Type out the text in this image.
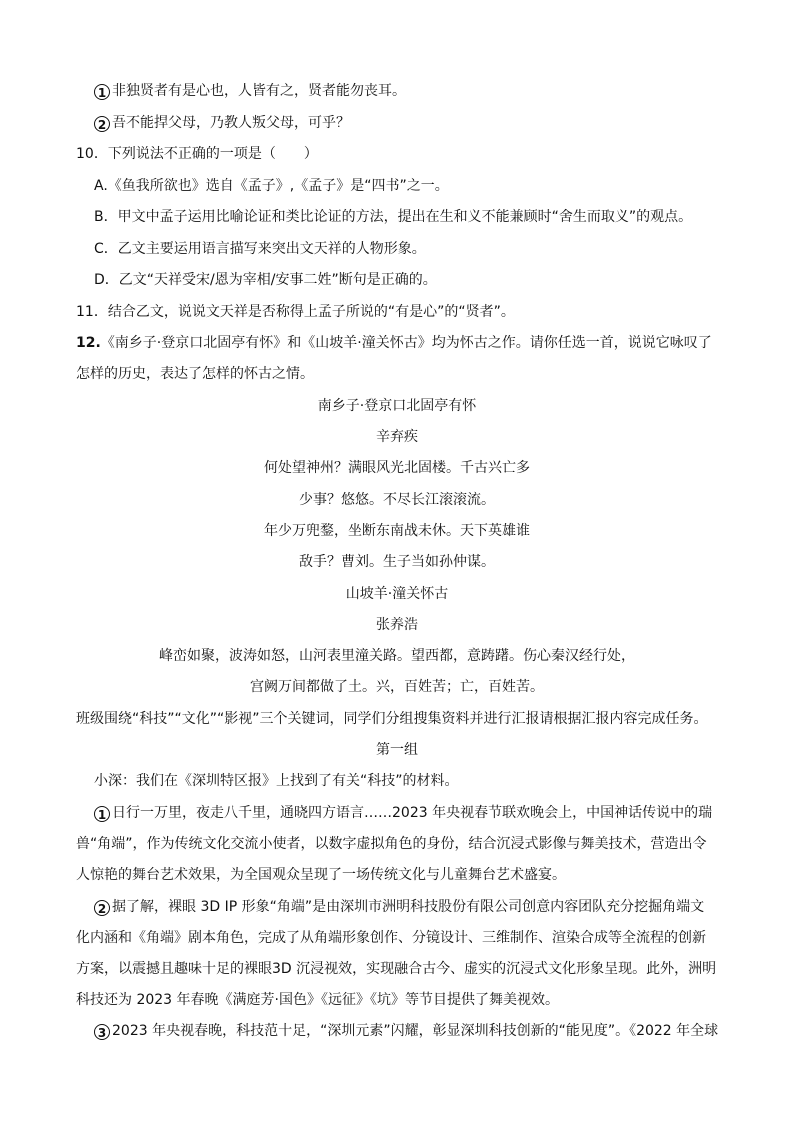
1 非独贤者有是心也，人皆有之，贤者能勿丧耳。
2 吾不能捍父母，乃教人叛父母，可乎？
10．下列说法不正确的一项是（　　）
A.《鱼我所欲也》选自《孟子》,《孟子》是“四书”之一。
B．甲文中孟子运用比喻论证和类比论证的方法，提出在生和义不能兼顾时“舍生而取义”的观点。
C．乙文主要运用语言描写来突出文天祥的人物形象。
D．乙文“天祥受宋/恩为宰相/安事二姓”断句是正确的。
11．结合乙文，说说文天祥是否称得上孟子所说的“有是心”的“贤者”。
12.《南乡子·登京口北固亭有怀》和《山坡羊·潼关怀古》均为怀古之作。请你任选一首，说说它咏叹了
怎样的历史，表达了怎样的怀古之情。
南乡子·登京口北固亭有怀
辛弃疾
何处望神州？满眼风光北固楼。千古兴亡多
少事？悠悠。不尽长江滚滚流。
年少万兜鍪，坐断东南战未休。天下英雄谁
敌手？曹刘。生子当如孙仲谋。
山坡羊·潼关怀古
张养浩
峰峦如聚，波涛如怒，山河表里潼关路。望西都，意踌躇。伤心秦汉经行处，
宫阙万间都做了土。兴，百姓苦；亡，百姓苦。
班级围绕“科技”“文化”“影视”三个关键词，同学们分组搜集资料并进行汇报请根据汇报内容完成任务。
第一组
小深：我们在《深圳特区报》上找到了有关“科技”的材料。
1 日行一万里，夜走八千里，通晓四方语言……2023 年央视春节联欢晚会上，中国神话传说中的瑞
兽“角端”，作为传统文化交流小使者，以数字虚拟角色的身份，结合沉浸式影像与舞美技术，营造出令
人惊艳的舞台艺术效果，为全国观众呈现了一场传统文化与儿童舞台艺术盛宴。
2 据了解，裸眼 3D IP 形象“角端”是由深圳市洲明科技股份有限公司创意内容团队充分挖掘角端文
化内涵和《角端》剧本角色，完成了从角端形象创作、分镜设计、三维制作、渲染合成等全流程的创新
方案，以震撼且趣味十足的裸眼3D 沉浸视效，实现融合古今、虚实的沉浸式文化形象呈现。此外，洲明
科技还为 2023 年春晚《满庭芳·国色》《远征》《坑》等节目提供了舞美视效。
3 2023 年央视春晚，科技范十足，“深圳元素”闪耀，彰显深圳科技创新的“能见度”。《2022 年全球
